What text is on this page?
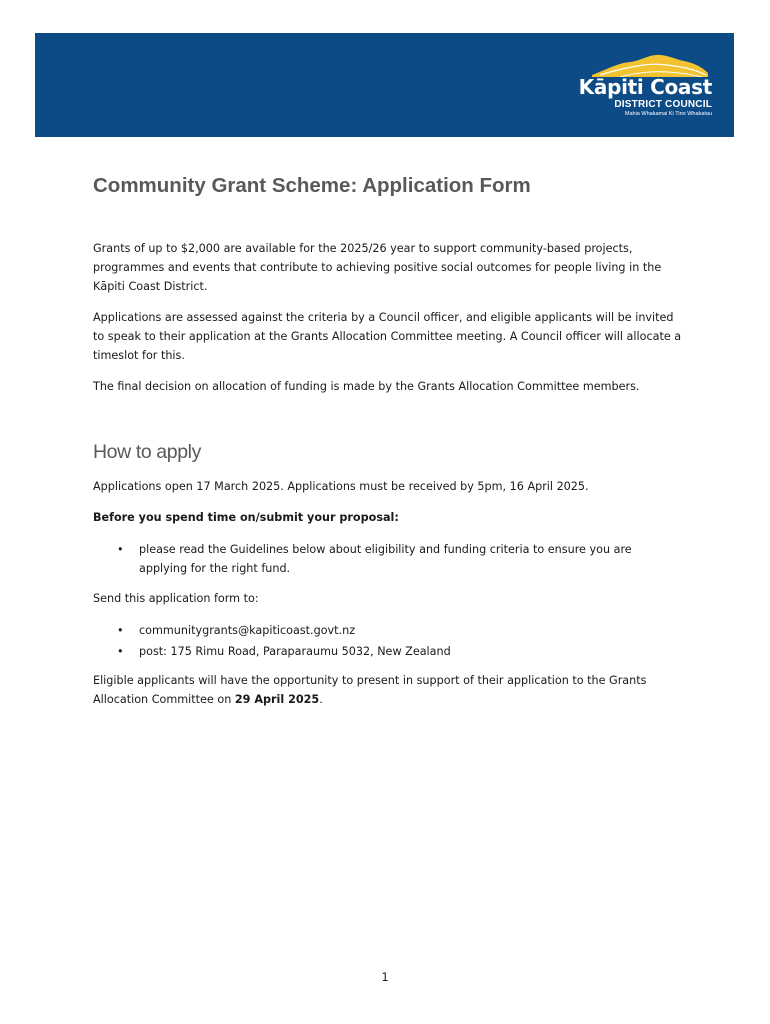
Kāpiti Coast
DISTRICT COUNCIL
Mahia Whakamai Ki Tino Whakatau
Community Grant Scheme: Application Form

Grants of up to $2,000 are available for the 2025/26 year to support community-based projects, programmes and events that contribute to achieving positive social outcomes for people living in the Kāpiti Coast District.

Applications are assessed against the criteria by a Council officer, and eligible applicants will be invited to speak to their application at the Grants Allocation Committee meeting. A Council officer will allocate a timeslot for this.

The final decision on allocation of funding is made by the Grants Allocation Committee members.

How to apply

Applications open 17 March 2025. Applications must be received by 5pm, 16 April 2025.

Before you spend time on/submit your proposal:

• please read the Guidelines below about eligibility and funding criteria to ensure you are applying for the right fund.

Send this application form to:

• communitygrants@kapiticoast.govt.nz
• post: 175 Rimu Road, Paraparaumu 5032, New Zealand

Eligible applicants will have the opportunity to present in support of their application to the Grants Allocation Committee on 29 April 2025.

1
